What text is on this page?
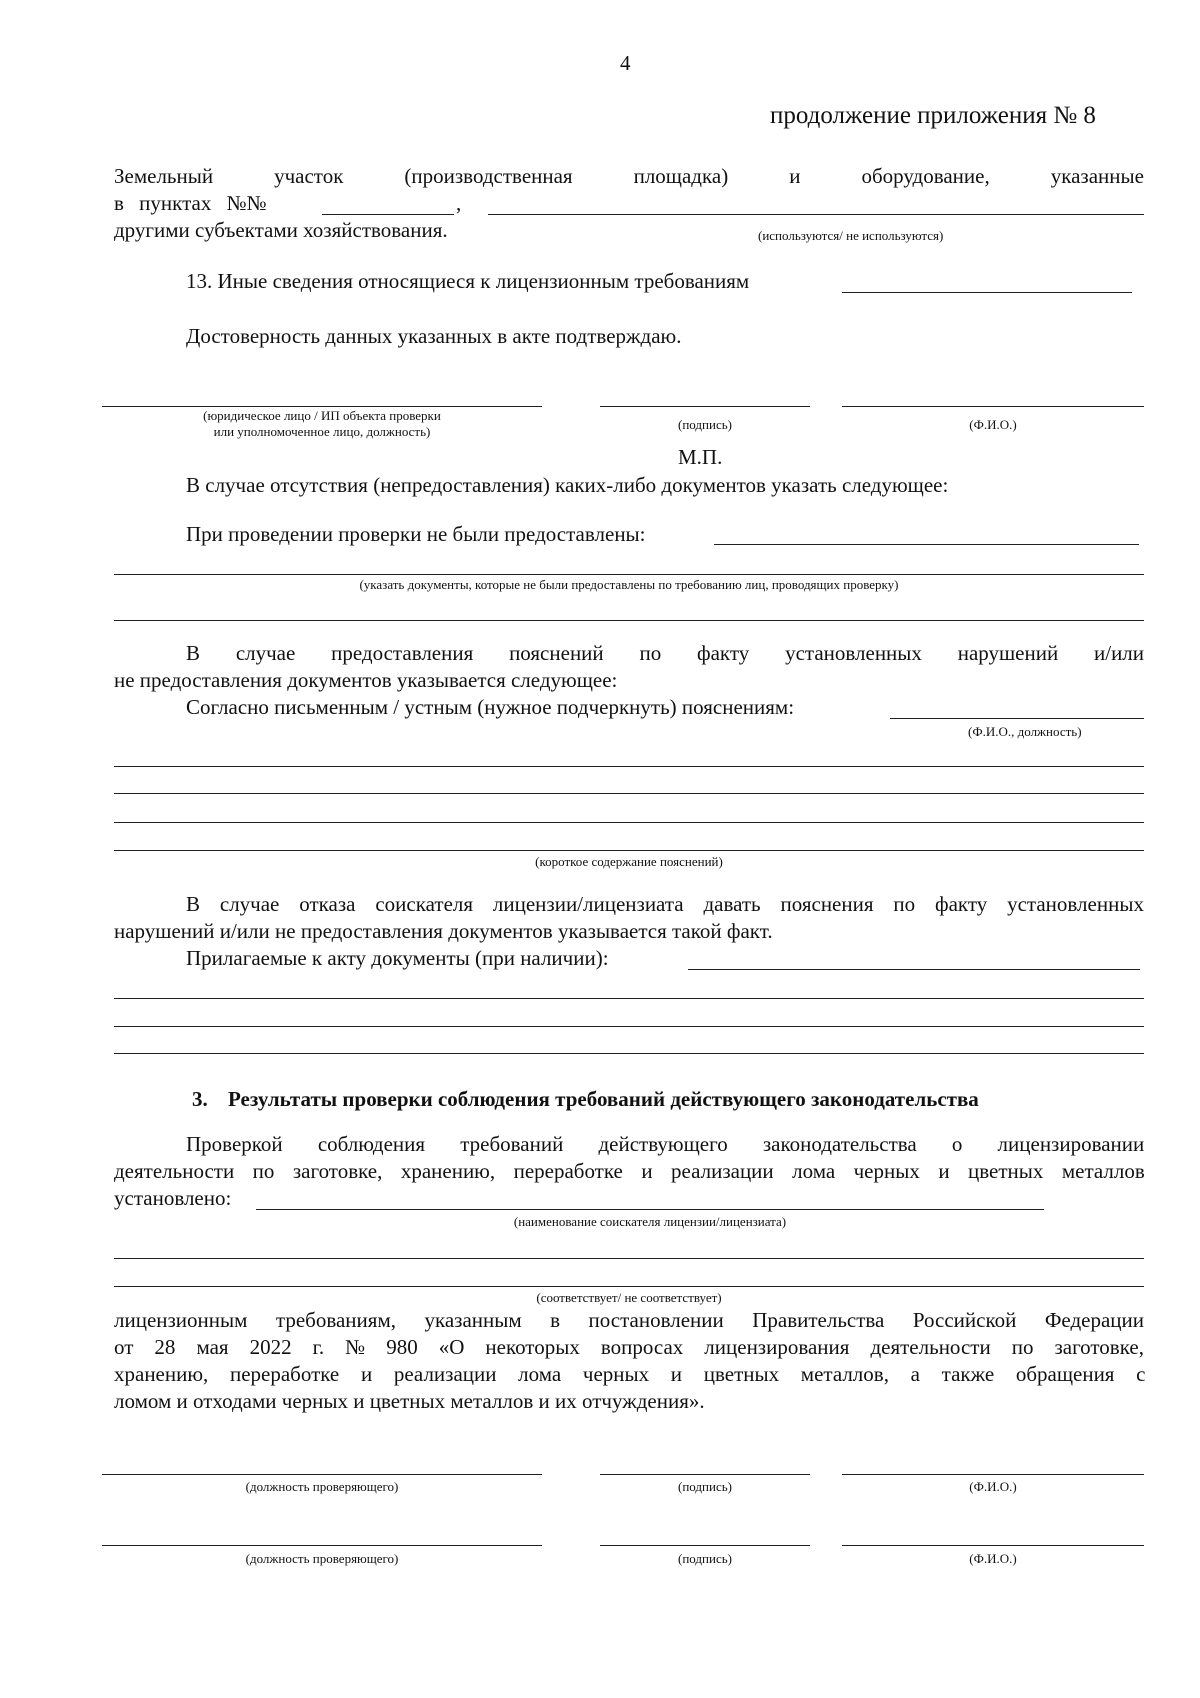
4
продолжение приложения № 8
Земельный	участок	(производственная	площадка)	и	оборудование,	указанные
в пунктах №№	,
другими субъектами хозяйствования.	(используются/ не используются)
13. Иные сведения относящиеся к лицензионным требованиям
Достоверность данных указанных в акте подтверждаю.
(юридическое лицо / ИП объекта проверки
или уполномоченное лицо, должность)	(подпись)	(Ф.И.О.)
М.П.
В случае отсутствия (непредоставления) каких-либо документов указать следующее:
При проведении проверки не были предоставлены:
(указать документы, которые не были предоставлены по требованию лиц, проводящих проверку)
В случае предоставления пояснений по факту установленных нарушений и/или
не предоставления документов указывается следующее:
Согласно письменным / устным (нужное подчеркнуть) пояснениям:
(Ф.И.О., должность)
(короткое содержание пояснений)
В случае отказа соискателя лицензии/лицензиата давать пояснения по факту установленных
нарушений и/или не предоставления документов указывается такой факт.
Прилагаемые к акту документы (при наличии):
3. Результаты проверки соблюдения требований действующего законодательства
Проверкой соблюдения требований действующего законодательства о лицензировании
деятельности по заготовке, хранению, переработке и реализации лома черных и цветных металлов
установлено:
(наименование соискателя лицензии/лицензиата)
(соответствует/ не соответствует)
лицензионным требованиям, указанным в постановлении Правительства Российской Федерации
от 28 мая 2022 г. № 980 «О некоторых вопросах лицензирования деятельности по заготовке,
хранению, переработке и реализации лома черных и цветных металлов, а также обращения с
ломом и отходами черных и цветных металлов и их отчуждения».
(должность проверяющего)	(подпись)	(Ф.И.О.)
(должность проверяющего)	(подпись)	(Ф.И.О.)
